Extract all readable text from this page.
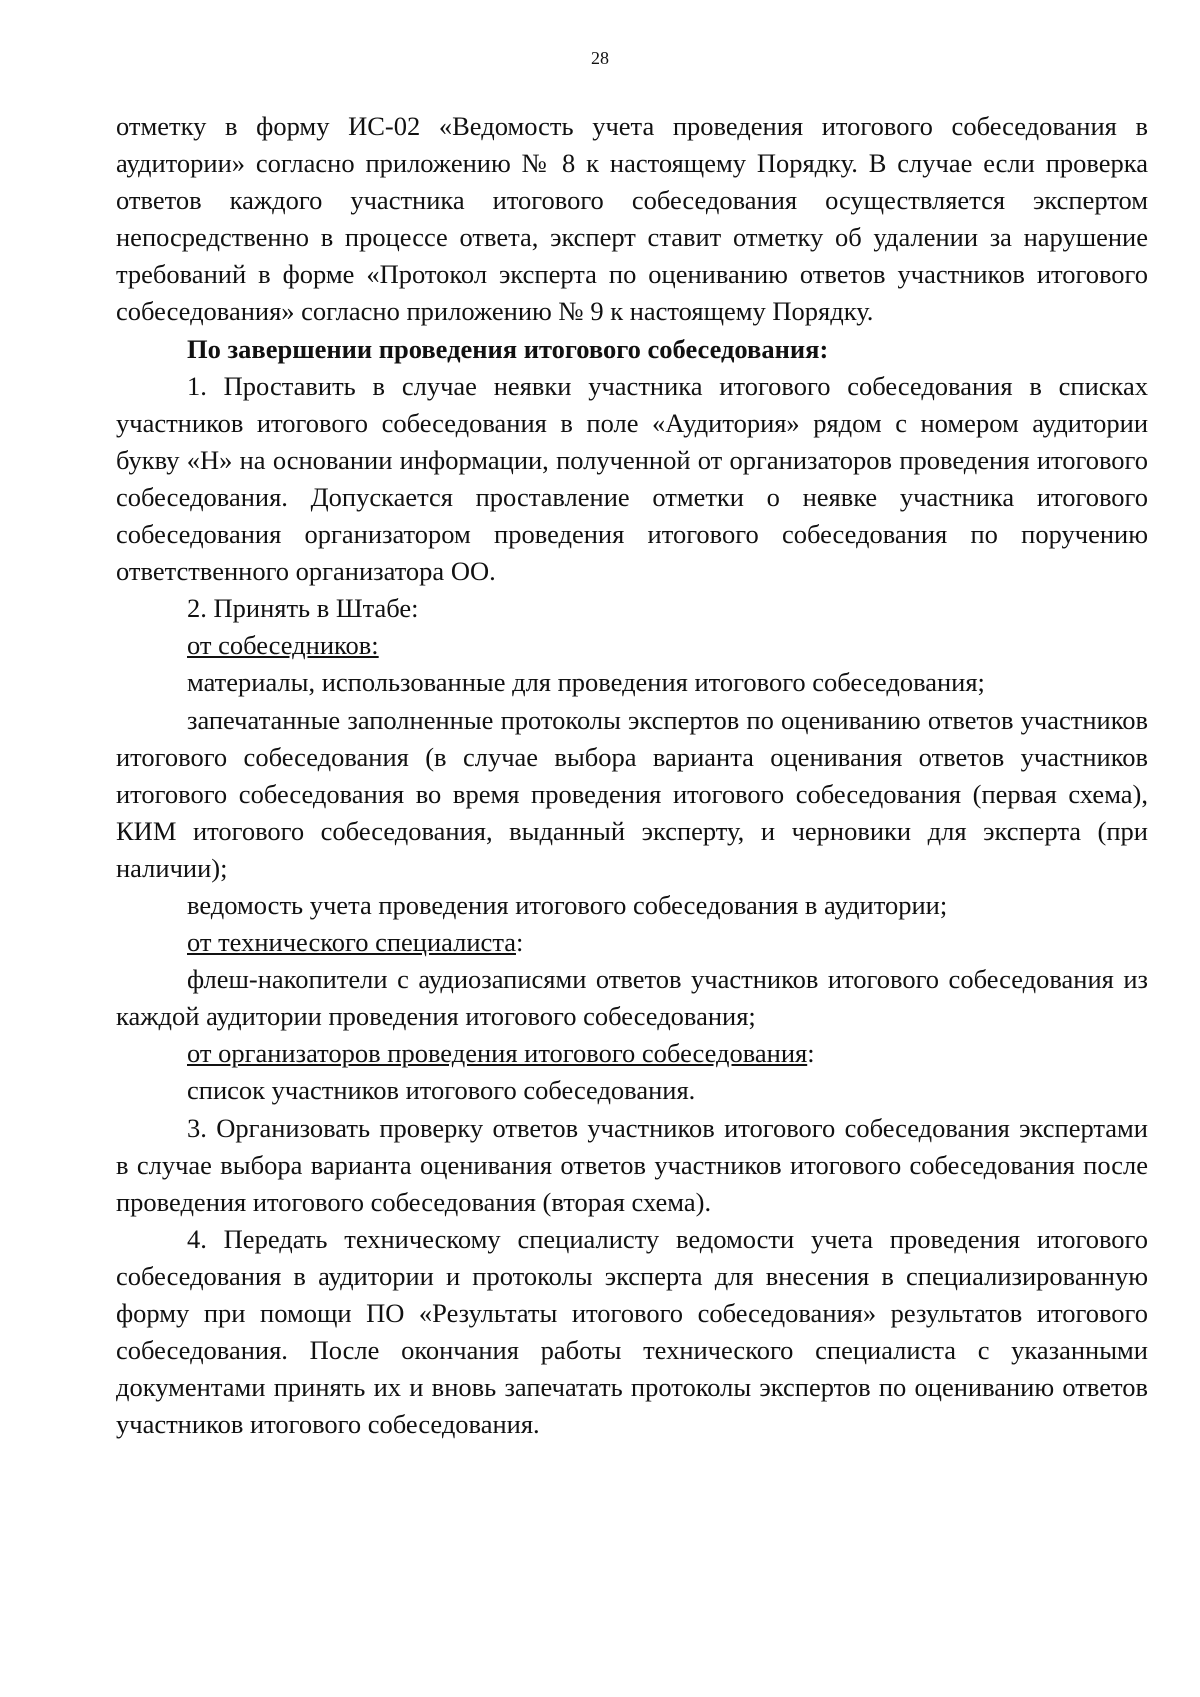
28

отметку в форму ИС-02 «Ведомость учета проведения итогового собеседования в аудитории» согласно приложению № 8 к настоящему Порядку. В случае если проверка ответов каждого участника итогового собеседования осуществляется экспертом непосредственно в процессе ответа, эксперт ставит отметку об удалении за нарушение требований в форме «Протокол эксперта по оцениванию ответов участников итогового собеседования» согласно приложению № 9 к настоящему Порядку.

По завершении проведения итогового собеседования:

1. Проставить в случае неявки участника итогового собеседования в списках участников итогового собеседования в поле «Аудитория» рядом с номером аудитории букву «Н» на основании информации, полученной от организаторов проведения итогового собеседования. Допускается проставление отметки о неявке участника итогового собеседования организатором проведения итогового собеседования по поручению ответственного организатора ОО.

2. Принять в Штабе:

от собеседников:

материалы, использованные для проведения итогового собеседования;

запечатанные заполненные протоколы экспертов по оцениванию ответов участников итогового собеседования (в случае выбора варианта оценивания ответов участников итогового собеседования во время проведения итогового собеседования (первая схема), КИМ итогового собеседования, выданный эксперту, и черновики для эксперта (при наличии);

ведомость учета проведения итогового собеседования в аудитории;

от технического специалиста:

флеш-накопители с аудиозаписями ответов участников итогового собеседования из каждой аудитории проведения итогового собеседования;

от организаторов проведения итогового собеседования:

список участников итогового собеседования.

3. Организовать проверку ответов участников итогового собеседования экспертами в случае выбора варианта оценивания ответов участников итогового собеседования после проведения итогового собеседования (вторая схема).

4. Передать техническому специалисту ведомости учета проведения итогового собеседования в аудитории и протоколы эксперта для внесения в специализированную форму при помощи ПО «Результаты итогового собеседования» результатов итогового собеседования. После окончания работы технического специалиста с указанными документами принять их и вновь запечатать протоколы экспертов по оцениванию ответов участников итогового собеседования.
